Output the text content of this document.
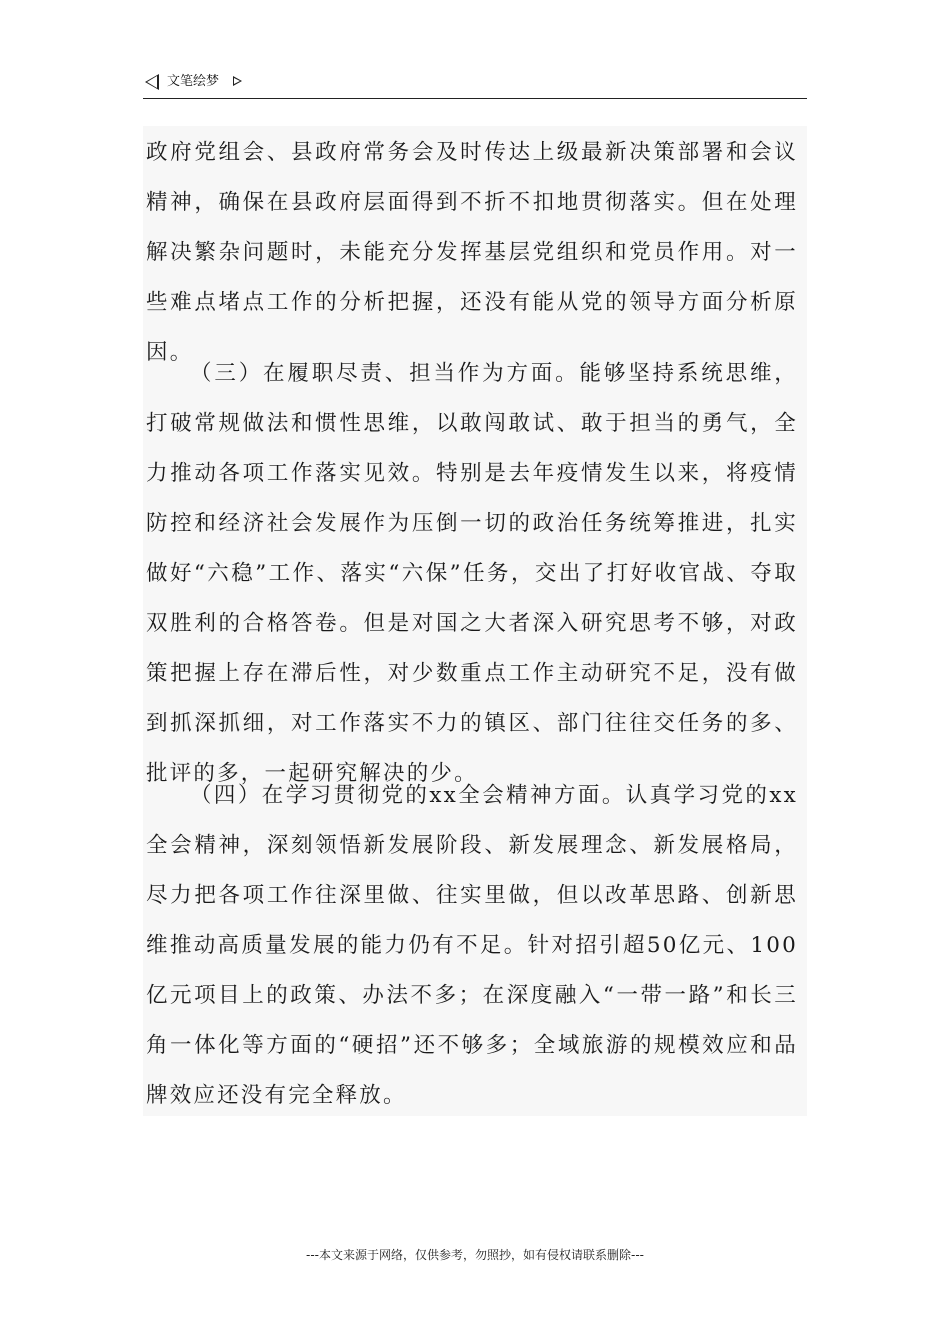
文笔绘梦

政府党组会、县政府常务会及时传达上级最新决策部署和会议精神，确保在县政府层面得到不折不扣地贯彻落实。但在处理解决繁杂问题时，未能充分发挥基层党组织和党员作用。对一些难点堵点工作的分析把握，还没有能从党的领导方面分析原因。

（三）在履职尽责、担当作为方面。能够坚持系统思维，打破常规做法和惯性思维，以敢闯敢试、敢于担当的勇气，全力推动各项工作落实见效。特别是去年疫情发生以来，将疫情防控和经济社会发展作为压倒一切的政治任务统筹推进，扎实做好“六稳”工作、落实“六保”任务，交出了打好收官战、夺取双胜利的合格答卷。但是对国之大者深入研究思考不够，对政策把握上存在滞后性，对少数重点工作主动研究不足，没有做到抓深抓细，对工作落实不力的镇区、部门往往交任务的多、批评的多，一起研究解决的少。

（四）在学习贯彻党的xx全会精神方面。认真学习党的xx全会精神，深刻领悟新发展阶段、新发展理念、新发展格局，尽力把各项工作往深里做、往实里做，但以改革思路、创新思维推动高质量发展的能力仍有不足。针对招引超50亿元、100亿元项目上的政策、办法不多；在深度融入“一带一路”和长三角一体化等方面的“硬招”还不够多；全域旅游的规模效应和品牌效应还没有完全释放。

---本文来源于网络，仅供参考，勿照抄，如有侵权请联系删除---
